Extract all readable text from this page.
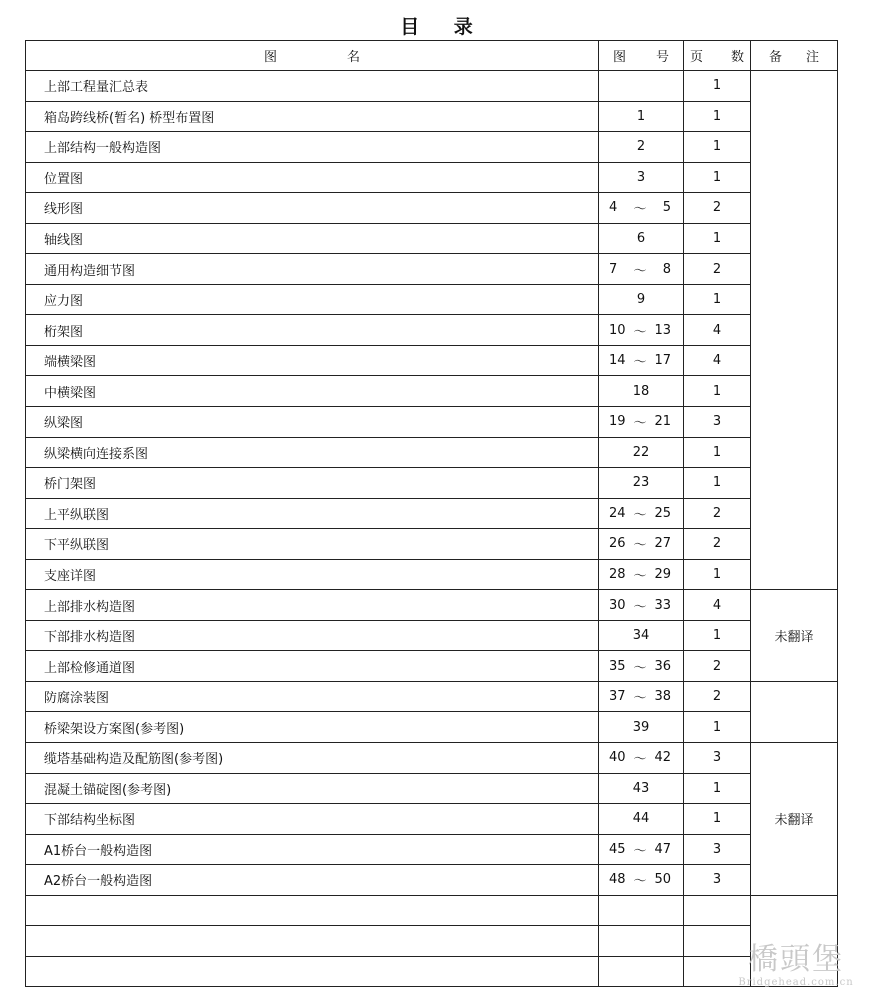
目 录
图 名	图 号	页 数	备 注

上部工程量汇总表		1	
箱岛跨线桥(暂名) 桥型布置图	1	1	
上部结构一般构造图	2	1	
位置图	3	1	
线形图	4 ～ 5	2	
轴线图	6	1	
通用构造细节图	7 ～ 8	2	
应力图	9	1	
桁架图	10 ～ 13	4	
端横梁图	14 ～ 17	4	
中横梁图	18	1	
纵梁图	19 ～ 21	3	
纵梁横向连接系图	22	1	
桥门架图	23	1	
上平纵联图	24 ～ 25	2	
下平纵联图	26 ～ 27	2	
支座详图	28 ～ 29	1	
上部排水构造图	30 ～ 33	4	未翻译
下部排水构造图	34	1	
上部检修通道图	35 ～ 36	2	
防腐涂装图	37 ～ 38	2	
桥梁架设方案图(参考图)	39	1	
缆塔基础构造及配筋图(参考图)	40 ～ 42	3	未翻译
混凝土锚碇图(参考图)	43	1	
下部结构坐标图	44	1	
A1桥台一般构造图	45 ～ 47	3	
A2桥台一般构造图	48 ～ 50	3	

橋頭堡
Bridgehead.com.cn
